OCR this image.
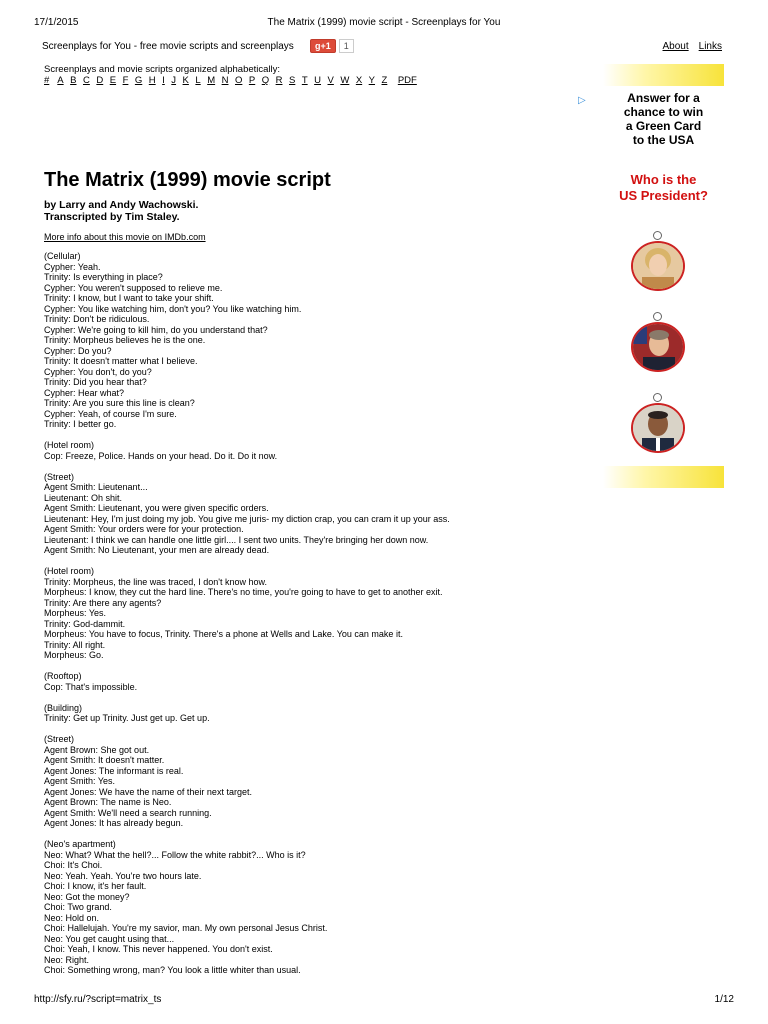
17/1/2015	The Matrix (1999) movie script - Screenplays for You
Screenplays for You - free movie scripts and screenplays	g+1	1	About Links
Screenplays and movie scripts organized alphabetically:
# A B C D E F G H I J K L M N O P Q R S T U V W X Y Z PDF
▷	Answer for a
chance to win
a Green Card
to the USA
Who is the
US President?
The Matrix (1999) movie script
by Larry and Andy Wachowski.
Transcripted by Tim Staley.
More info about this movie on IMDb.com
(Cellular)
Cypher: Yeah.
Trinity: Is everything in place?
Cypher: You weren't supposed to relieve me.
Trinity: I know, but I want to take your shift.
Cypher: You like watching him, don't you? You like watching him.
Trinity: Don't be ridiculous.
Cypher: We're going to kill him, do you understand that?
Trinity: Morpheus believes he is the one.
Cypher: Do you?
Trinity: It doesn't matter what I believe.
Cypher: You don't, do you?
Trinity: Did you hear that?
Cypher: Hear what?
Trinity: Are you sure this line is clean?
Cypher: Yeah, of course I'm sure.
Trinity: I better go.
(Hotel room)
Cop: Freeze, Police. Hands on your head. Do it. Do it now.
(Street)
Agent Smith: Lieutenant...
Lieutenant: Oh shit.
Agent Smith: Lieutenant, you were given specific orders.
Lieutenant: Hey, I'm just doing my job. You give me juris- my diction crap, you can cram it up your ass.
Agent Smith: Your orders were for your protection.
Lieutenant: I think we can handle one little girl.... I sent two units. They're bringing her down now.
Agent Smith: No Lieutenant, your men are already dead.
(Hotel room)
Trinity: Morpheus, the line was traced, I don't know how.
Morpheus: I know, they cut the hard line. There's no time, you're going to have to get to another exit.
Trinity: Are there any agents?
Morpheus: Yes.
Trinity: God-dammit.
Morpheus: You have to focus, Trinity. There's a phone at Wells and Lake. You can make it.
Trinity: All right.
Morpheus: Go.
(Rooftop)
Cop: That's impossible.
(Building)
Trinity: Get up Trinity. Just get up. Get up.
(Street)
Agent Brown: She got out.
Agent Smith: It doesn't matter.
Agent Jones: The informant is real.
Agent Smith: Yes.
Agent Jones: We have the name of their next target.
Agent Brown: The name is Neo.
Agent Smith: We'll need a search running.
Agent Jones: It has already begun.
(Neo's apartment)
Neo: What? What the hell?... Follow the white rabbit?... Who is it?
Choi: It's Choi.
Neo: Yeah. Yeah. You're two hours late.
Choi: I know, it's her fault.
Neo: Got the money?
Choi: Two grand.
Neo: Hold on.
Choi: Hallelujah. You're my savior, man. My own personal Jesus Christ.
Neo: You get caught using that...
Choi: Yeah, I know. This never happened. You don't exist.
Neo: Right.
Choi: Something wrong, man? You look a little whiter than usual.
http://sfy.ru/?script=matrix_ts	1/12
